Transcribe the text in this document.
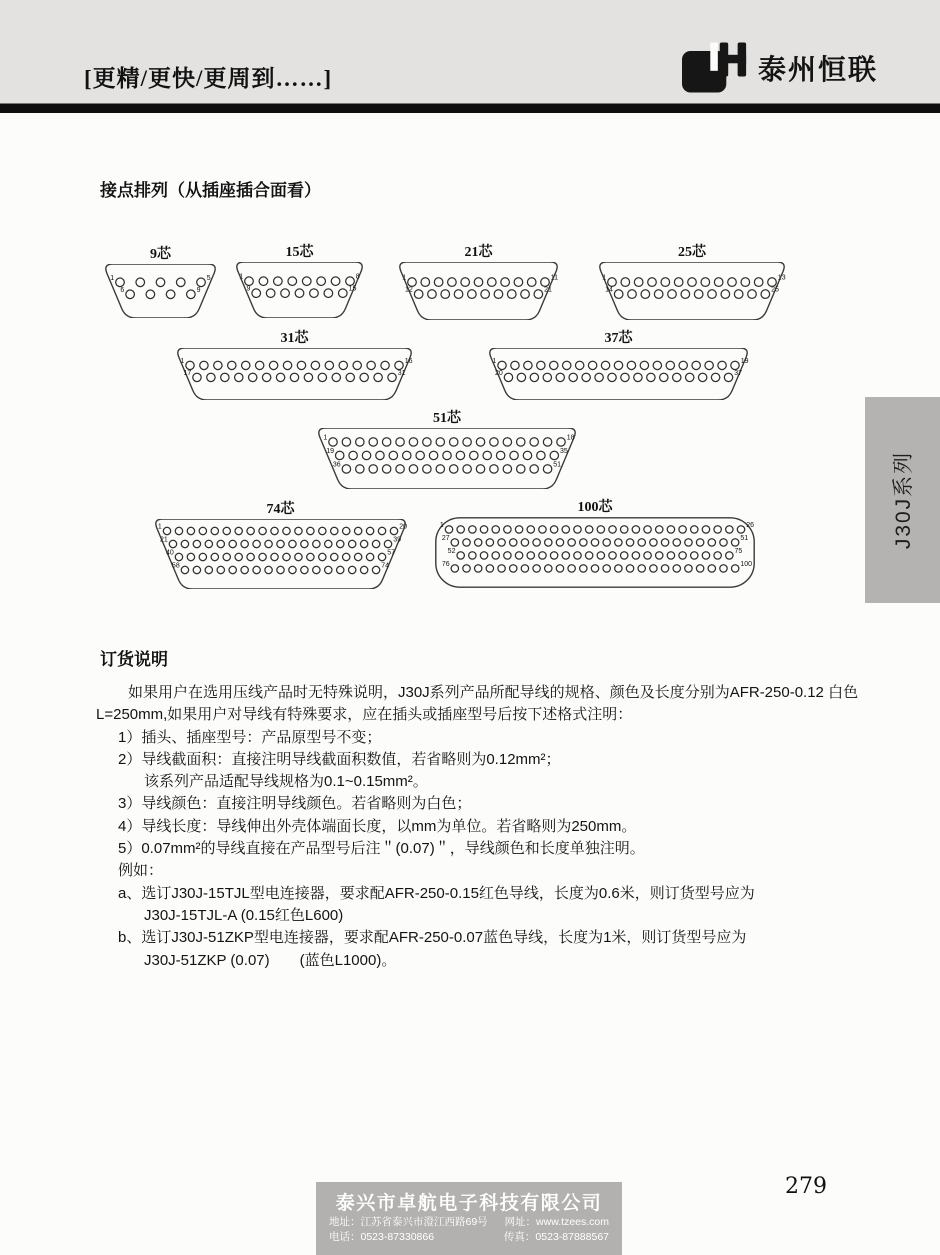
[更精/更快/更周到……]	泰州恒联
接点排列（从插座插合面看）
9芯
1	5
6	9
15芯
1	8
9	15
21芯
1	11
12	21
25芯
1	13
14	25
31芯
1	16
17	31
37芯
1	19
20	37
51芯
1	18
19	35
36	51
74芯
1	20
21	39
40	57
58	74
100芯
1	26
27	51
52	75
76	100
J30J系列
订货说明
如果用户在选用压线产品时无特殊说明，J30J系列产品所配导线的规格、颜色及长度分别为AFR-250-0.12 白色
L=250mm,如果用户对导线有特殊要求，应在插头或插座型号后按下述格式注明：
1）插头、插座型号：产品原型号不变；
2）导线截面积：直接注明导线截面积数值，若省略则为0.12mm²；
该系列产品适配导线规格为0.1~0.15mm²。
3）导线颜色：直接注明导线颜色。若省略则为白色；
4）导线长度：导线伸出外壳体端面长度，以mm为单位。若省略则为250mm。
5）0.07mm²的导线直接在产品型号后注＂(0.07)＂，导线颜色和长度单独注明。
例如：
a、选订J30J-15TJL型电连接器，要求配AFR-250-0.15红色导线，长度为0.6米，则订货型号应为
J30J-15TJL-A (0.15红色L600)
b、选订J30J-51ZKP型电连接器，要求配AFR-250-0.07蓝色导线，长度为1米，则订货型号应为
J30J-51ZKP (0.07)　　(蓝色L1000)。
泰兴市卓航电子科技有限公司
地址：江苏省泰兴市澄江西路69号 网址：www.tzees.com
电话：0523-87330866	传真：0523-87888567
279
